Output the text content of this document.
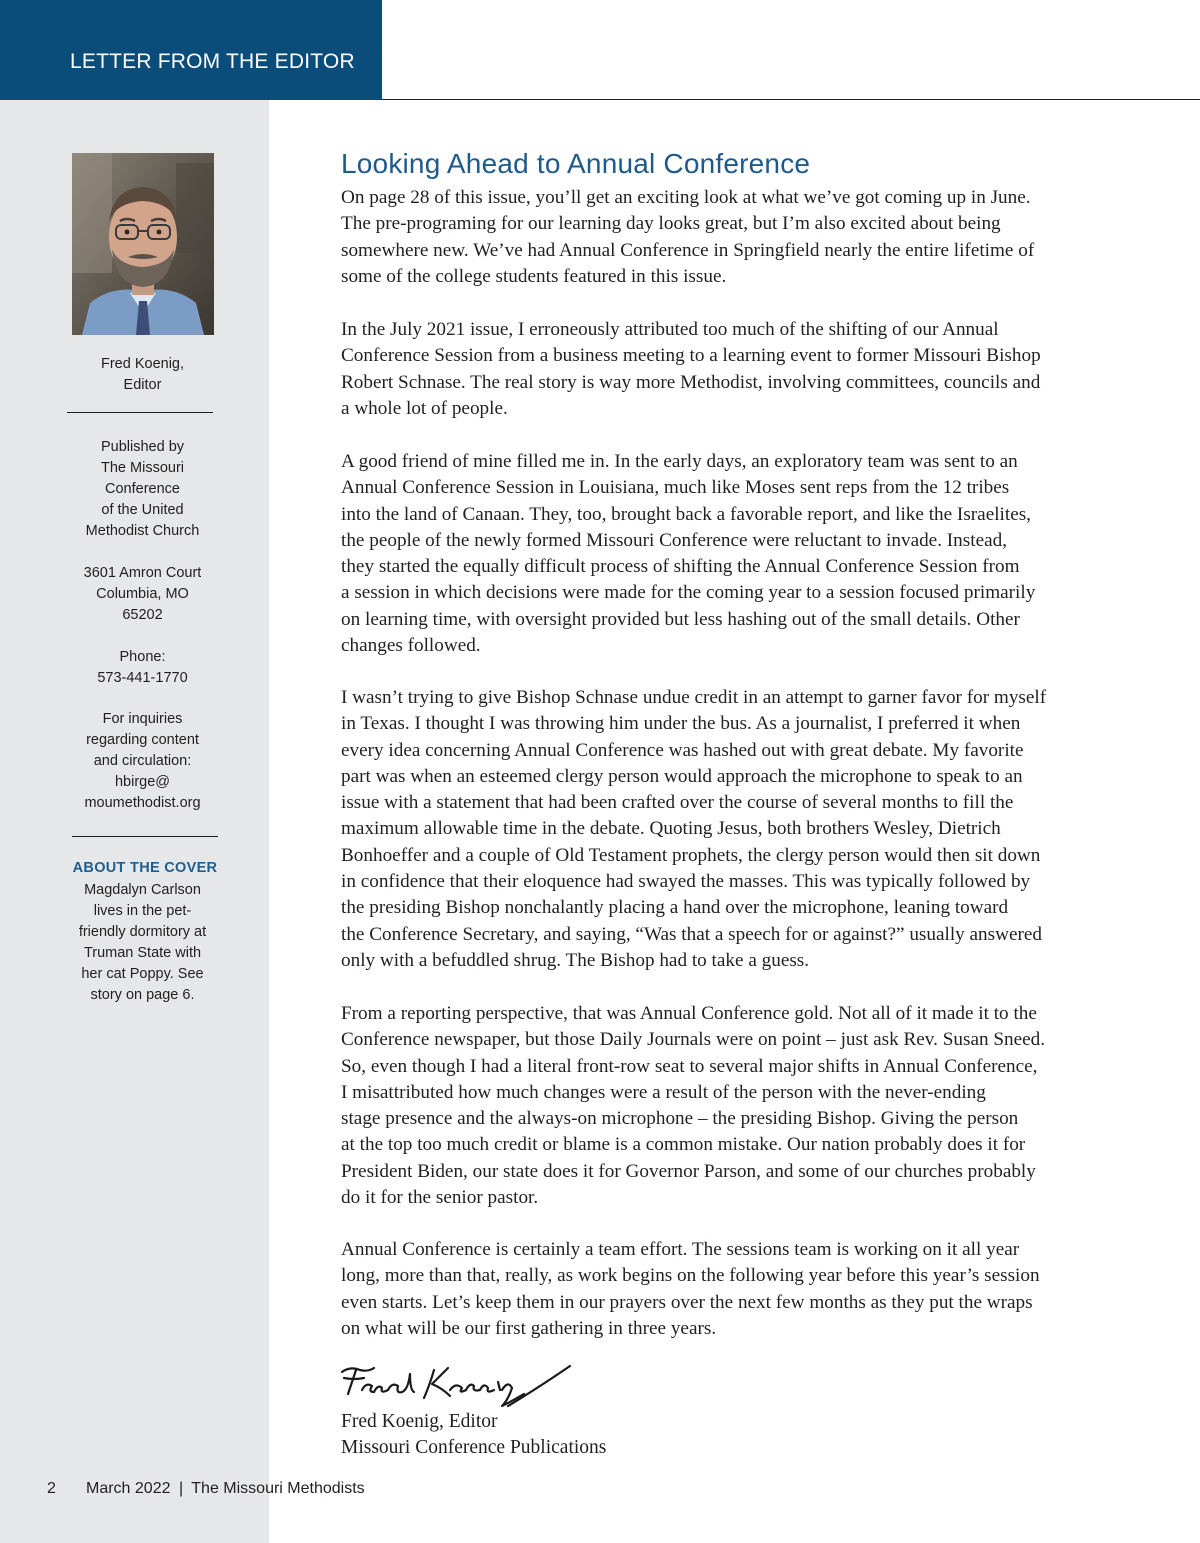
LETTER FROM THE EDITOR
Fred Koenig,
Editor
Published by
The Missouri
Conference
of the United
Methodist Church
3601 Amron Court
Columbia, MO
65202
Phone:
573-441-1770
For inquiries
regarding content
and circulation:
hbirge@
moumethodist.org
ABOUT THE COVER
Magdalyn Carlson
lives in the pet-
friendly dormitory at
Truman State with
her cat Poppy. See
story on page 6.
Looking Ahead to Annual Conference
On page 28 of this issue, you’ll get an exciting look at what we’ve got coming up in June.
The pre-programing for our learning day looks great, but I’m also excited about being
somewhere new. We’ve had Annual Conference in Springfield nearly the entire lifetime of
some of the college students featured in this issue.
In the July 2021 issue, I erroneously attributed too much of the shifting of our Annual
Conference Session from a business meeting to a learning event to former Missouri Bishop
Robert Schnase. The real story is way more Methodist, involving committees, councils and
a whole lot of people.
A good friend of mine filled me in. In the early days, an exploratory team was sent to an
Annual Conference Session in Louisiana, much like Moses sent reps from the 12 tribes
into the land of Canaan. They, too, brought back a favorable report, and like the Israelites,
the people of the newly formed Missouri Conference were reluctant to invade. Instead,
they started the equally difficult process of shifting the Annual Conference Session from
a session in which decisions were made for the coming year to a session focused primarily
on learning time, with oversight provided but less hashing out of the small details. Other
changes followed.
I wasn’t trying to give Bishop Schnase undue credit in an attempt to garner favor for myself
in Texas. I thought I was throwing him under the bus. As a journalist, I preferred it when
every idea concerning Annual Conference was hashed out with great debate. My favorite
part was when an esteemed clergy person would approach the microphone to speak to an
issue with a statement that had been crafted over the course of several months to fill the
maximum allowable time in the debate. Quoting Jesus, both brothers Wesley, Dietrich
Bonhoeffer and a couple of Old Testament prophets, the clergy person would then sit down
in confidence that their eloquence had swayed the masses. This was typically followed by
the presiding Bishop nonchalantly placing a hand over the microphone, leaning toward
the Conference Secretary, and saying, “Was that a speech for or against?” usually answered
only with a befuddled shrug. The Bishop had to take a guess.
From a reporting perspective, that was Annual Conference gold. Not all of it made it to the
Conference newspaper, but those Daily Journals were on point – just ask Rev. Susan Sneed.
So, even though I had a literal front-row seat to several major shifts in Annual Conference,
I misattributed how much changes were a result of the person with the never-ending
stage presence and the always-on microphone – the presiding Bishop. Giving the person
at the top too much credit or blame is a common mistake. Our nation probably does it for
President Biden, our state does it for Governor Parson, and some of our churches probably
do it for the senior pastor.
Annual Conference is certainly a team effort. The sessions team is working on it all year
long, more than that, really, as work begins on the following year before this year’s session
even starts. Let’s keep them in our prayers over the next few months as they put the wraps
on what will be our first gathering in three years.
Fred Koenig, Editor
Missouri Conference Publications
2 March 2022 | The Missouri Methodists
